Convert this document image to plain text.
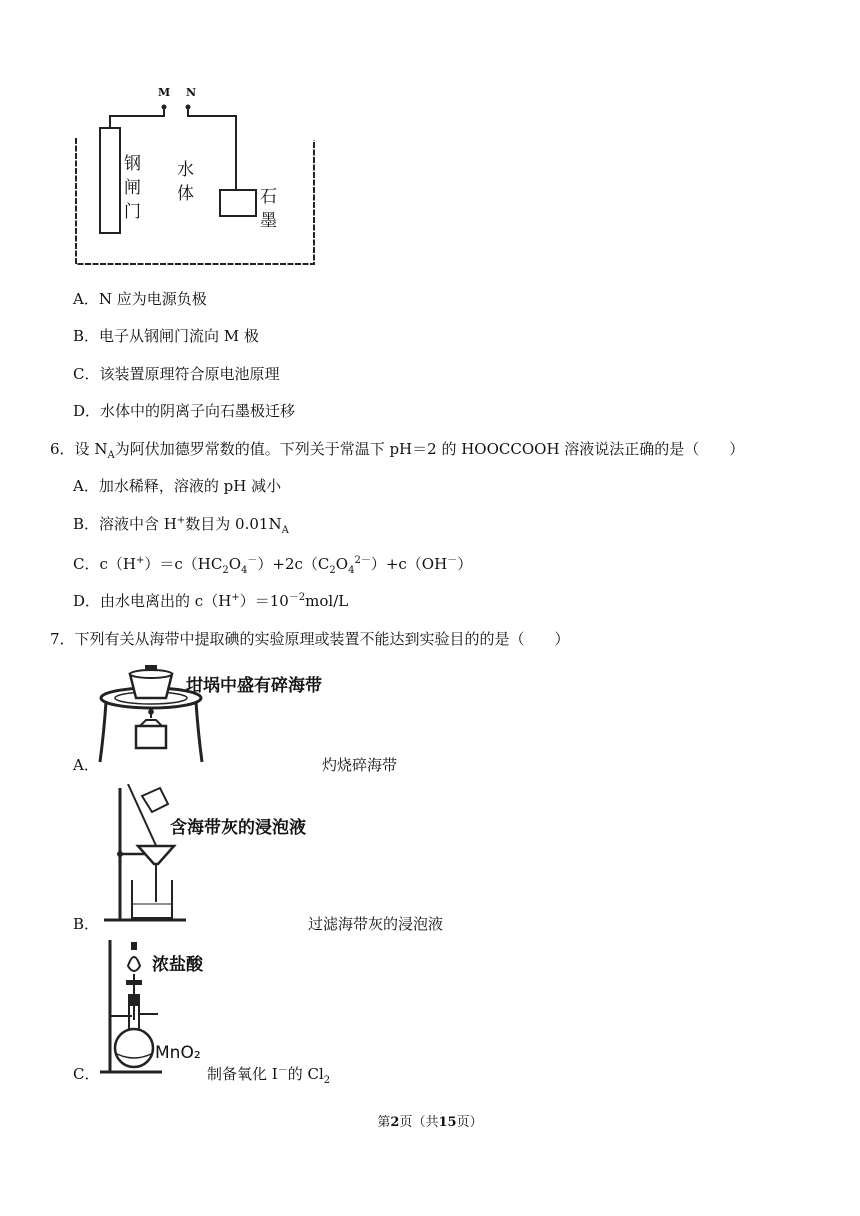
M N
钢闸门
水体	石墨
A．N 应为电源负极
B．电子从钢闸门流向 M 极
C．该装置原理符合原电池原理
D．水体中的阴离子向石墨极迁移
6．设 $N_A$为阿伏加德罗常数的值。下列关于常温下 pH＝2 的 HOOCCOOH 溶液说法正确的是（　　）
A．加水稀释，溶液的 pH 减小
B．溶液中含 H+数目为 $0.01N_A$
C．$c(H^+)=c(HC_2O_4^-)+2c(C_2O_4^{2-})+c(OH^-)$
D．由水电离出的 $c(H^+)=10^{-2}mol/L$
7．下列有关从海带中提取碘的实验原理或装置不能达到实验目的的是（　　）
坩埚中盛有碎海带
A．	灼烧碎海带
含海带灰的浸泡液
B．	过滤海带灰的浸泡液
浓盐酸
MnO₂
C．	制备氧化 I－的 $Cl_2$
第2页（共15页）
